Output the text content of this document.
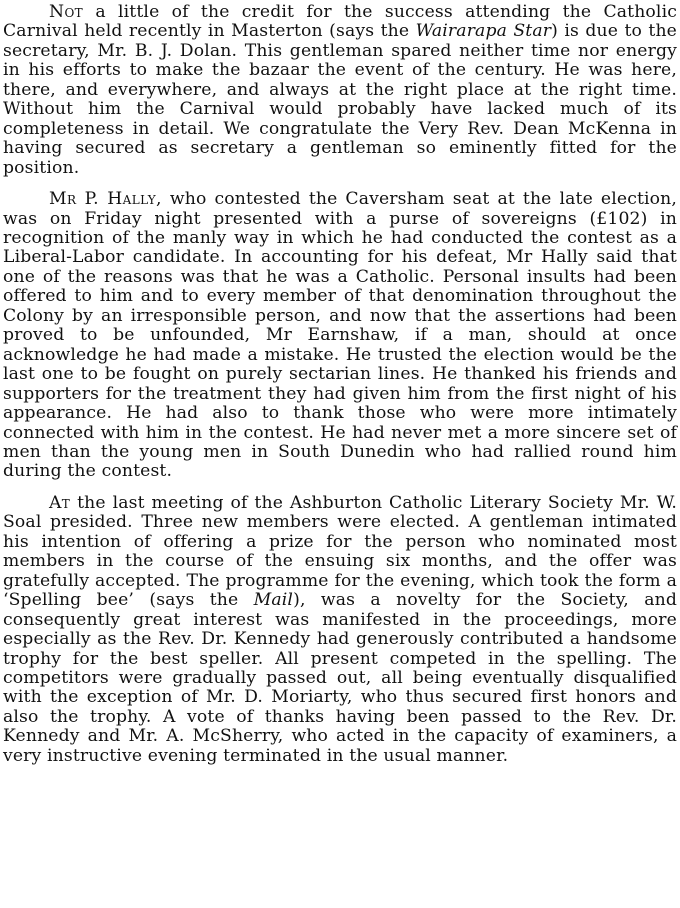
Not a little of the credit for the success attending the Catholic Carnival held recently in Masterton (says the Wairarapa Star) is due to the secretary, Mr. B. J. Dolan. This gentleman spared neither time nor energy in his efforts to make the bazaar the event of the century. He was here, there, and everywhere, and always at the right place at the right time. Without him the Carnival would probably have lacked much of its completeness in detail. We congratulate the Very Rev. Dean McKenna in having secured as secretary a gentleman so eminently fitted for the position.

Mr P. Hally, who contested the Caversham seat at the late election, was on Friday night presented with a purse of sovereigns (£102) in recognition of the manly way in which he had conducted the contest as a Liberal-Labor candidate. In accounting for his defeat, Mr Hally said that one of the reasons was that he was a Catholic. Personal insults had been offered to him and to every member of that denomination throughout the Colony by an irresponsible person, and now that the assertions had been proved to be unfounded, Mr Earnshaw, if a man, should at once acknowledge he had made a mistake. He trusted the election would be the last one to be fought on purely sectarian lines. He thanked his friends and supporters for the treatment they had given him from the first night of his appearance. He had also to thank those who were more intimately connected with him in the contest. He had never met a more sincere set of men than the young men in South Dunedin who had rallied round him during the contest.

At the last meeting of the Ashburton Catholic Literary Society Mr. W. Soal presided. Three new members were elected. A gentleman intimated his intention of offering a prize for the person who nominated most members in the course of the ensuing six months, and the offer was gratefully accepted. The programme for the evening, which took the form a ‘Spelling bee’ (says the Mail), was a novelty for the Society, and consequently great interest was manifested in the proceedings, more especially as the Rev. Dr. Kennedy had generously contributed a handsome trophy for the best speller. All present competed in the spelling. The competitors were gradually passed out, all being eventually disqualified with the exception of Mr. D. Moriarty, who thus secured first honors and also the trophy. A vote of thanks having been passed to the Rev. Dr. Kennedy and Mr. A. McSherry, who acted in the capacity of examiners, a very instructive evening terminated in the usual manner.
